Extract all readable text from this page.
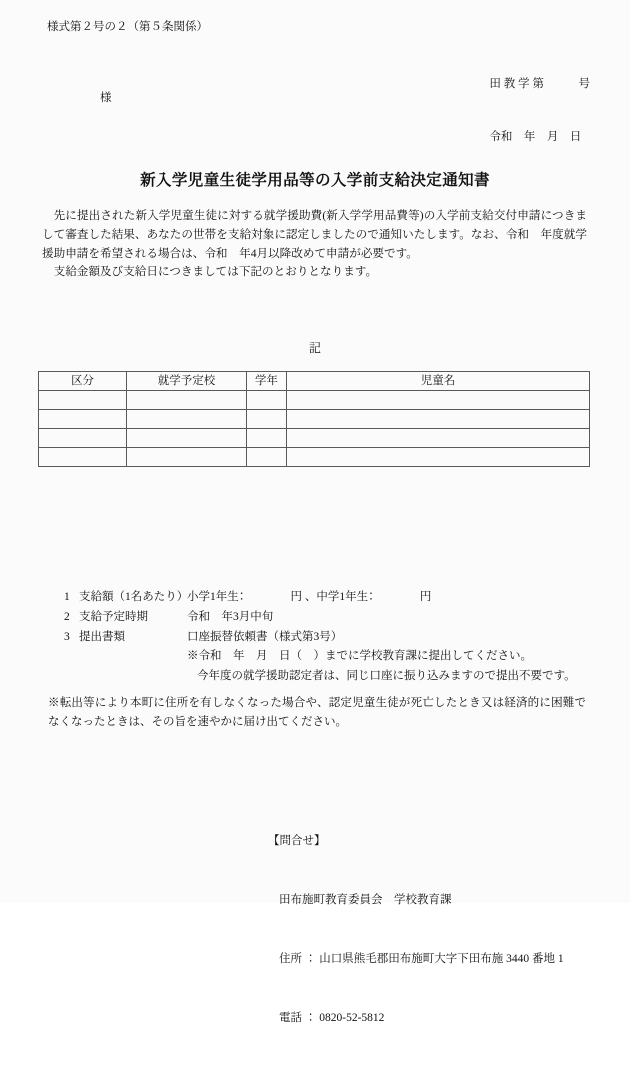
様式第２号の２（第５条関係）

田 教 学 第　　　号

令和　年　月　日

様
新入学児童生徒学用品等の入学前支給決定通知書

先に提出された新入学児童生徒に対する就学援助費(新入学学用品費等)の入学前支給交付申請につきまして審査した結果、あなたの世帯を支給対象に認定しましたので通知いたします。なお、令和　年度就学援助申請を希望される場合は、令和　年4月以降改めて申請が必要です。

支給金額及び支給日につきましては下記のとおりとなります。

記
区分	就学予定校	学年	児童名

1 支給額（1名あたり）
小学1年生：　　　　円 、中学1年生：　　　　円
2 支給予定時期	令和　年3月中旬
3 提出書類	口座振替依頼書（様式第3号）
※令和　年　月　日（　）までに学校教育課に提出してください。
今年度の就学援助認定者は、同じ口座に振り込みますので提出不要です。

※転出等により本町に住所を有しなくなった場合や、認定児童生徒が死亡したとき又は経済的に困難でなくなったときは、その旨を速やかに届け出てください。

【問合せ】

田布施町教育委員会　学校教育課

住所 ： 山口県熊毛郡田布施町大字下田布施 3440 番地 1

電話 ： 0820-52-5812
